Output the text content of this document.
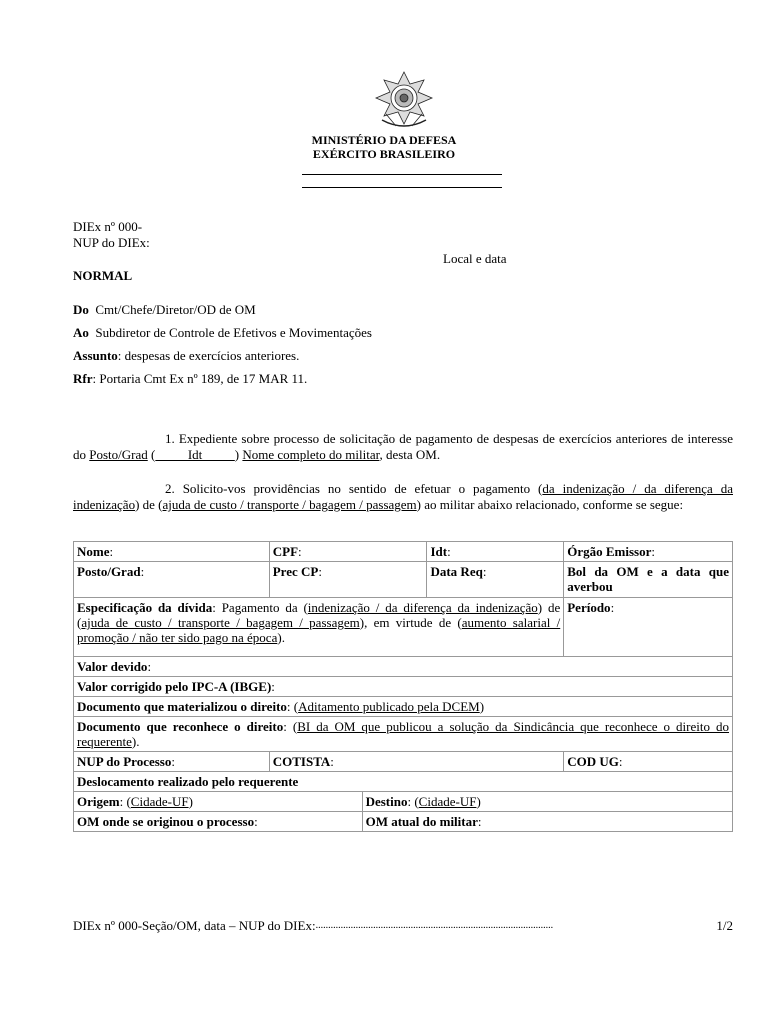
MINISTÉRIO DA DEFESA
EXÉRCITO BRASILEIRO
DIEx nº 000-
NUP do DIEx:
Local e data
NORMAL
Do Cmt/Chefe/Diretor/OD de OM
Ao Subdiretor de Controle de Efetivos e Movimentações
Assunto: despesas de exercícios anteriores.
Rfr: Portaria Cmt Ex nº 189, de 17 MAR 11.
1. Expediente sobre processo de solicitação de pagamento de despesas de exercícios anteriores de interesse do Posto/Grad (          Idt          ) Nome completo do militar, desta OM.
2. Solicito-vos providências no sentido de efetuar o pagamento (da indenização / da diferença da indenização) de (ajuda de custo / transporte / bagagem / passagem) ao militar abaixo relacionado, conforme se segue:
Nome:	CPF:		Idt:	Órgão Emissor:
Posto/Grad:	Prec CP:		Data Req:	Bol da OM e a data que averbou
Especificação da dívida: Pagamento da (indenização / da diferença da indenização) de (ajuda de custo / transporte / bagagem / passagem), em virtude de (aumento salarial / promoção / não ter sido pago na época).				Período:
Valor devido:				
Valor corrigido pelo IPC-A (IBGE):				
Documento que materializou o direito: (Aditamento publicado pela DCEM)				
Documento que reconhece o direito: (BI da OM que publicou a solução da Sindicância que reconhece o direito do requerente).				
NUP do Processo:	COTISTA:			COD UG:
Deslocamento realizado pelo requerente				
Origem: (Cidade-UF)		Destino: (Cidade-UF)		
OM onde se originou o processo:		OM atual do militar:		
DIEx nº 000-Seção/OM, data – NUP do DIEx: ...............................................................................................	1/2
